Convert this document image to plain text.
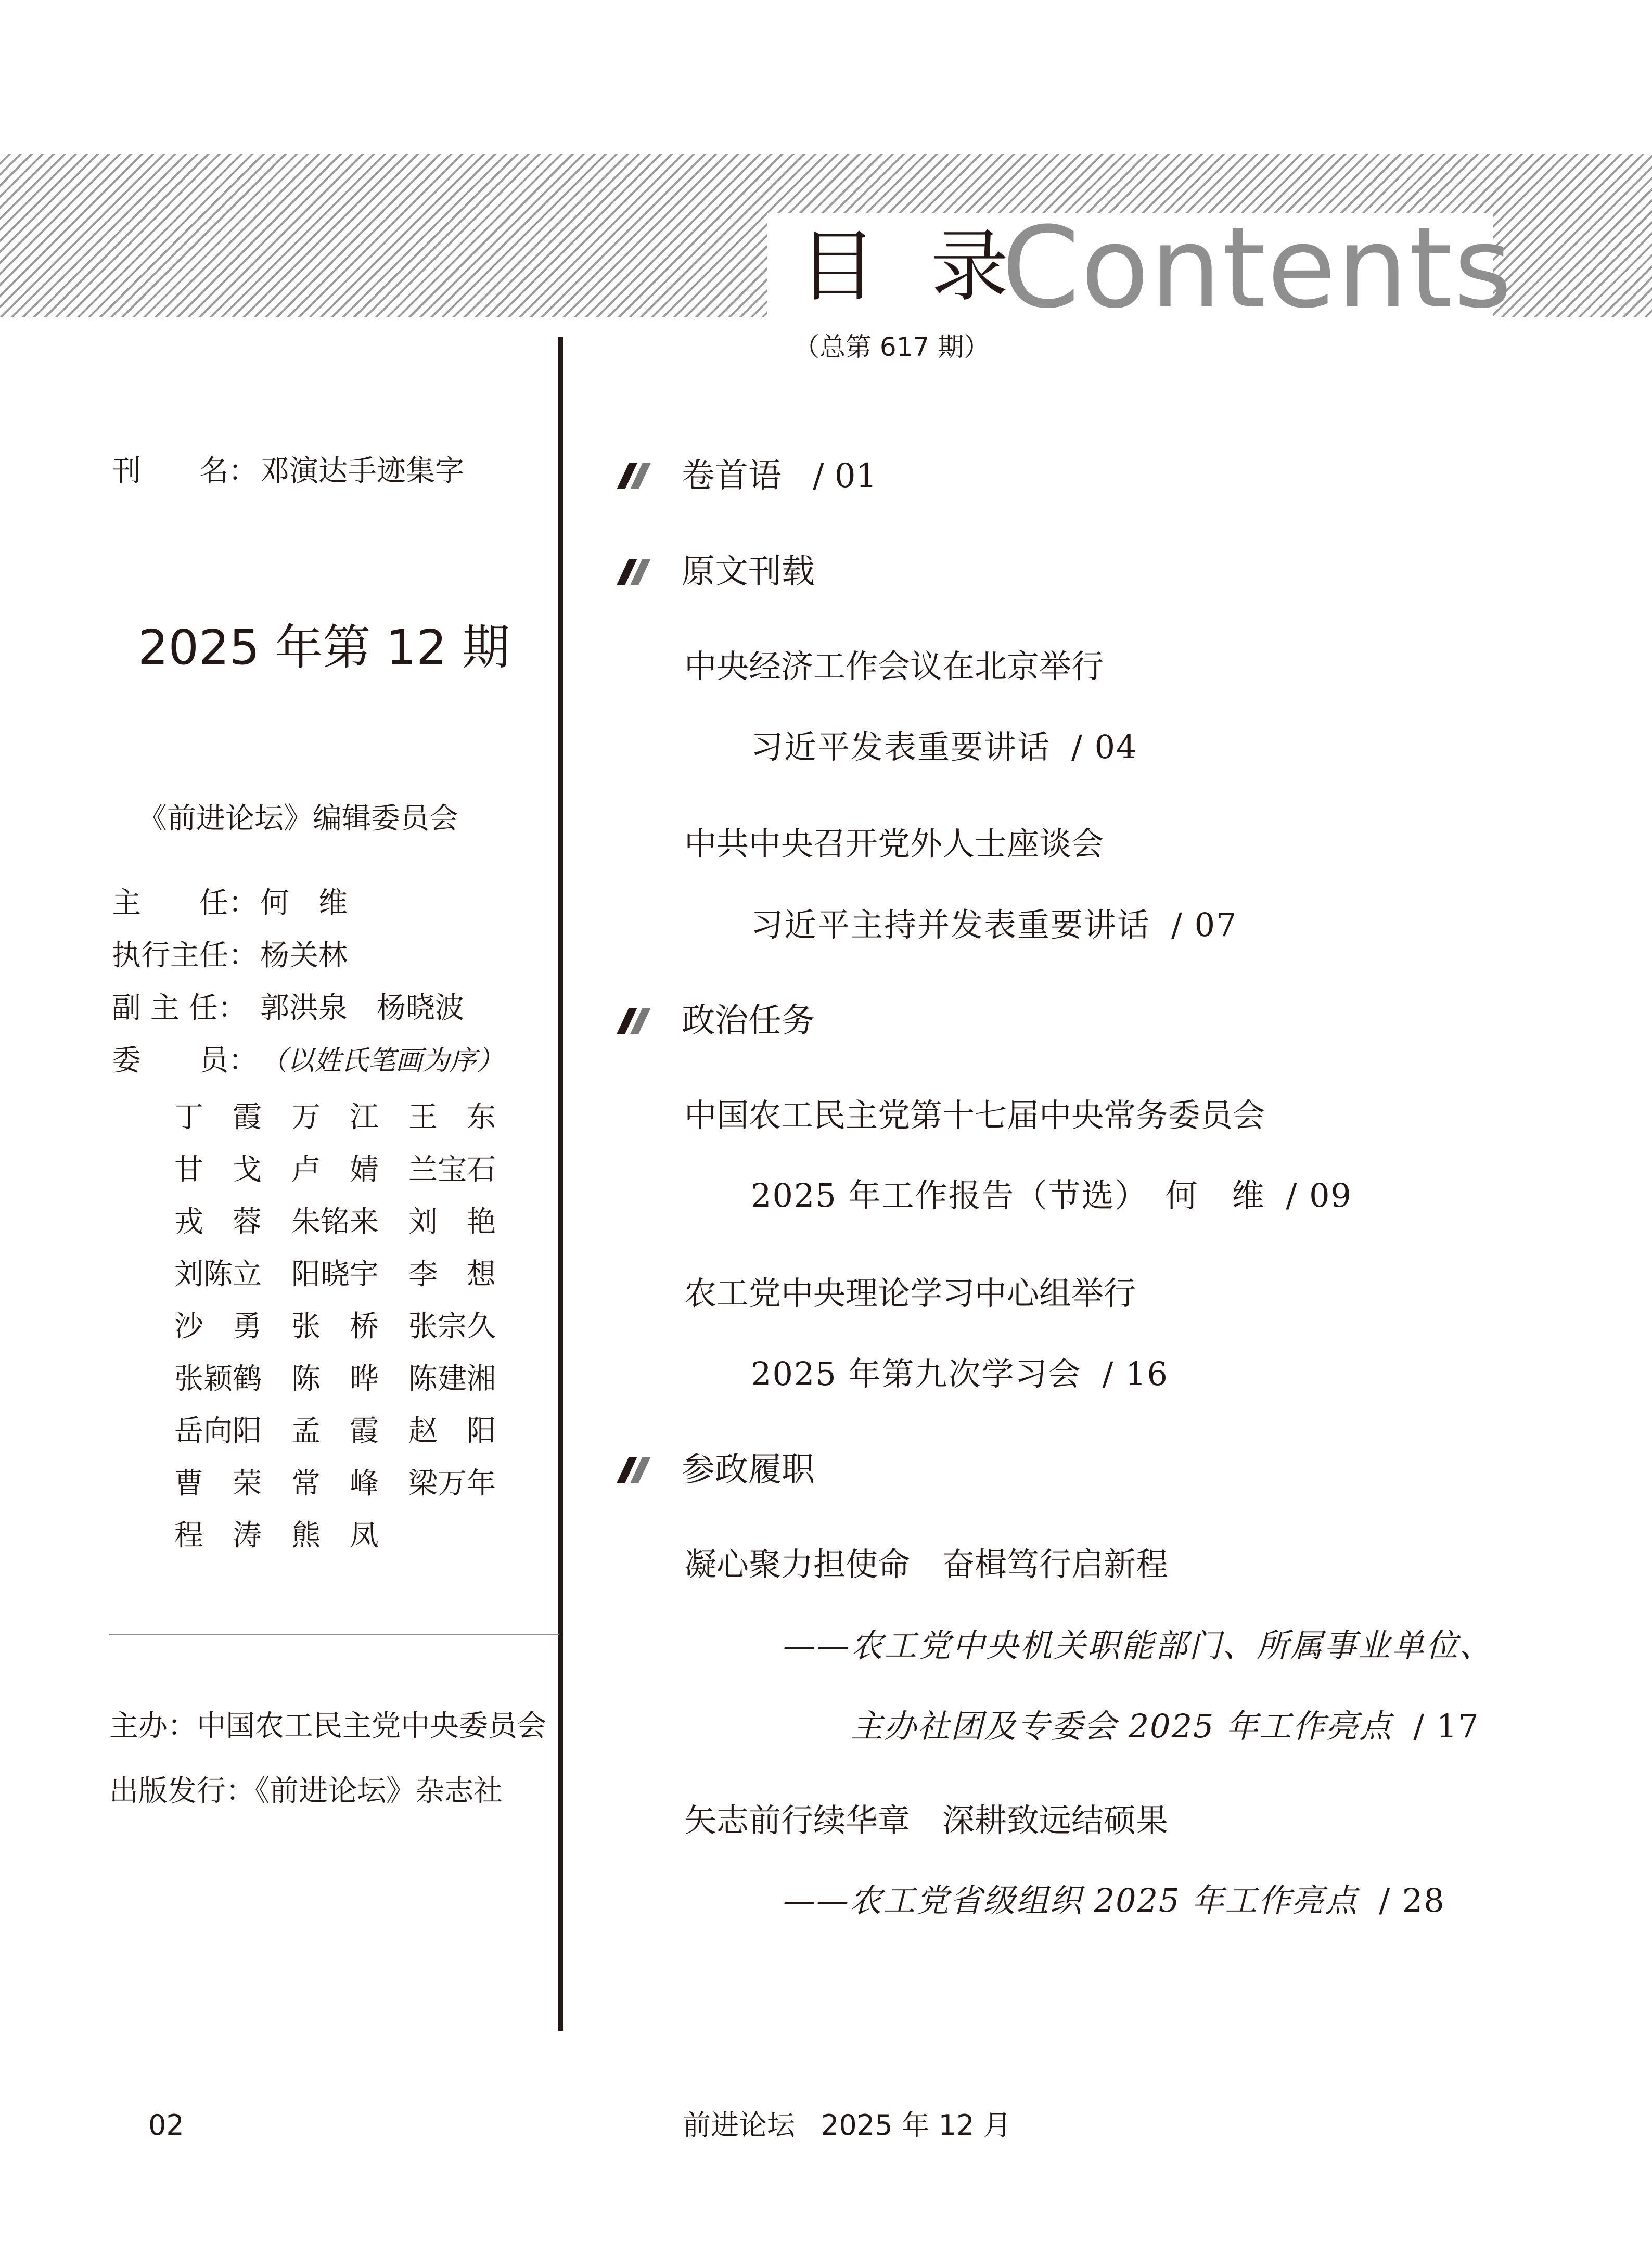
目 录
Contents
（总第 617 期）
刊　　名： 邓演达手迹集字
2025 年第 12 期
《前进论坛》编辑委员会
主　　任： 何　维
执行主任： 杨关林
副 主 任： 郭洪泉　杨晓波
委　　员： （以姓氏笔画为序）
丁　霞	万　江	王　东
甘　戈	卢　婧	兰宝石
戎　蓉	朱铭来	刘　艳
刘陈立	阳晓宇	李　想
沙　勇	张　桥	张宗久
张颖鹤	陈　晔	陈建湘
岳向阳	孟　霞	赵　阳
曹　荣	常　峰	梁万年
程　涛	熊　凤
主办：中国农工民主党中央委员会
出版发行：《前进论坛》杂志社
卷首语 / 01
原文刊载
中央经济工作会议在北京举行
习近平发表重要讲话 / 04
中共中央召开党外人士座谈会
习近平主持并发表重要讲话 / 07
政治任务
中国农工民主党第十七届中央常务委员会
2025 年工作报告（节选）　何　维 / 09
农工党中央理论学习中心组举行
2025 年第九次学习会 / 16
参政履职
凝心聚力担使命　奋楫笃行启新程
——农工党中央机关职能部门、所属事业单位、
主办社团及专委会 2025 年工作亮点 / 17
矢志前行续华章　深耕致远结硕果
——农工党省级组织 2025 年工作亮点 / 28
02	前进论坛 2025 年 12 月
